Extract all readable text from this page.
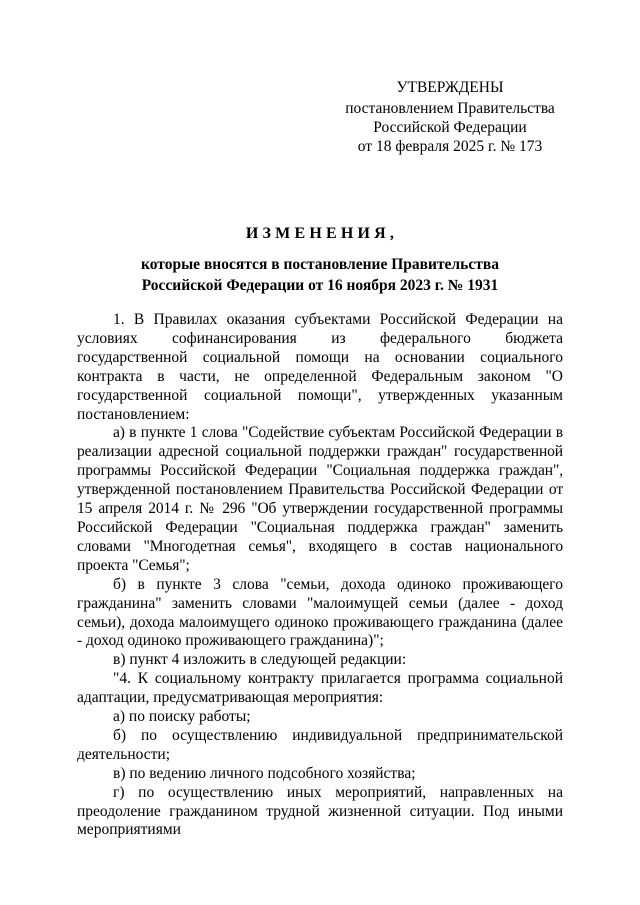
УТВЕРЖДЕНЫ
постановлением Правительства
Российской Федерации
от 18 февраля 2025 г. № 173
ИЗМЕНЕНИЯ,
которые вносятся в постановление Правительства
Российской Федерации от 16 ноября 2023 г. № 1931

1. В Правилах оказания субъектами Российской Федерации на условиях софинансирования из федерального бюджета государственной социальной помощи на основании социального контракта в части, не определенной Федеральным законом "О государственной социальной помощи", утвержденных указанным постановлением:

а) в пункте 1 слова "Содействие субъектам Российской Федерации в реализации адресной социальной поддержки граждан" государственной программы Российской Федерации "Социальная поддержка граждан", утвержденной постановлением Правительства Российской Федерации от 15 апреля 2014 г. № 296 "Об утверждении государственной программы Российской Федерации "Социальная поддержка граждан" заменить словами "Многодетная семья", входящего в состав национального проекта "Семья";

б) в пункте 3 слова "семьи, дохода одиноко проживающего гражданина" заменить словами "малоимущей семьи (далее - доход семьи), дохода малоимущего одиноко проживающего гражданина (далее - доход одиноко проживающего гражданина)";

в) пункт 4 изложить в следующей редакции:

"4. К социальному контракту прилагается программа социальной адаптации, предусматривающая мероприятия:

а) по поиску работы;

б) по осуществлению индивидуальной предпринимательской деятельности;

в) по ведению личного подсобного хозяйства;

г) по осуществлению иных мероприятий, направленных на преодоление гражданином трудной жизненной ситуации. Под иными мероприятиями
